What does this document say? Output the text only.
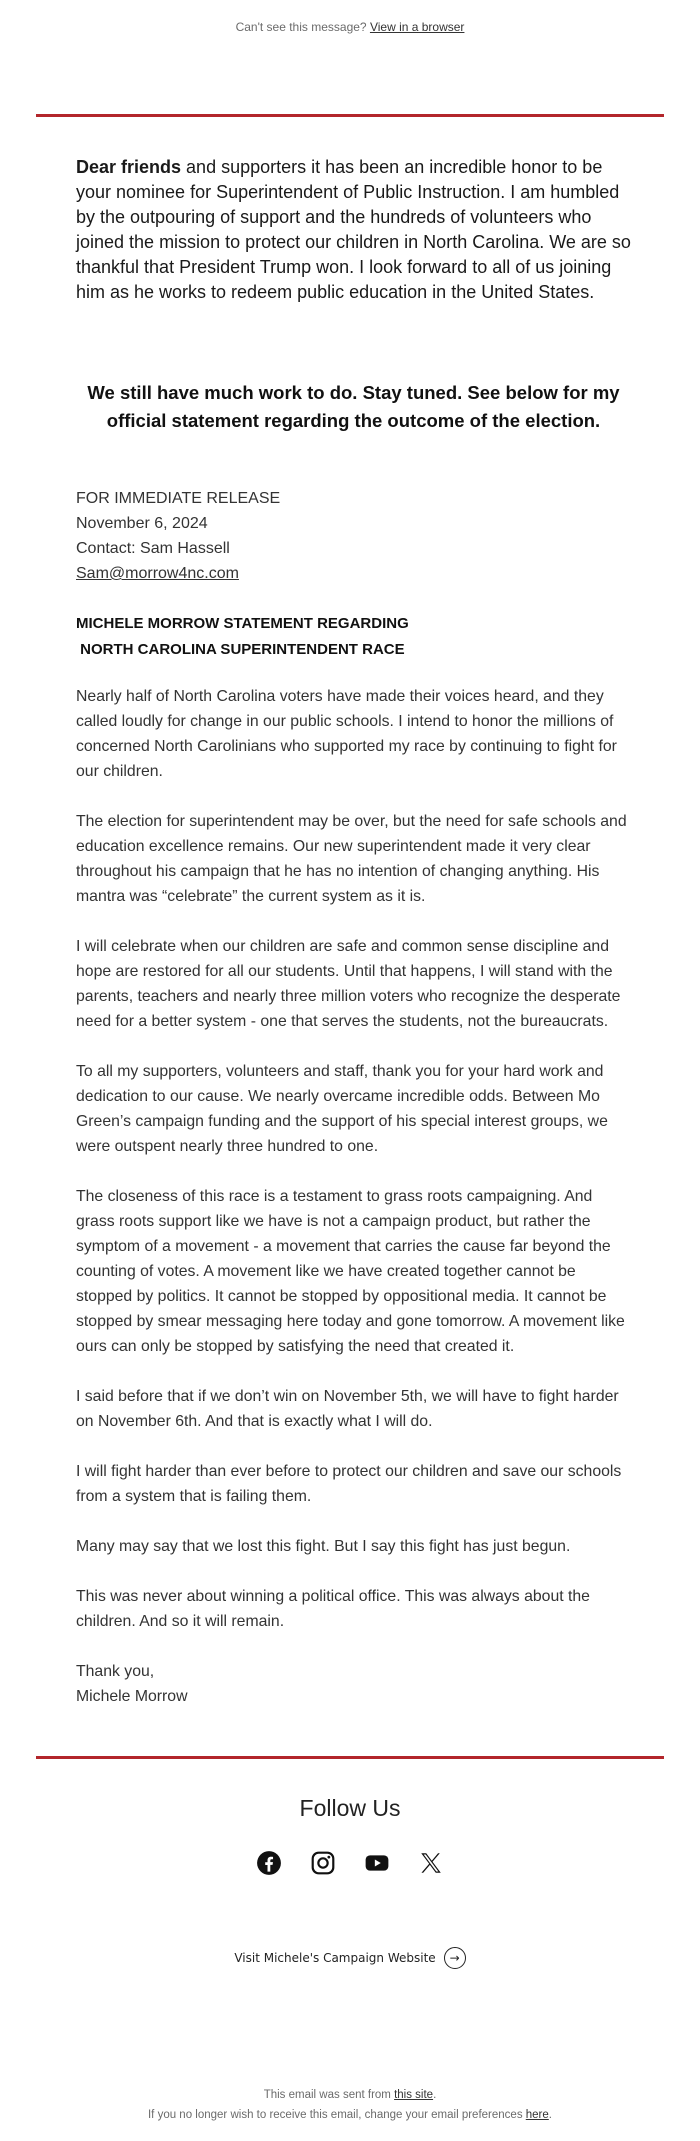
Can't see this message? View in a browser

Dear friends and supporters it has been an incredible honor to be your nominee for Superintendent of Public Instruction. I am humbled by the outpouring of support and the hundreds of volunteers who joined the mission to protect our children in North Carolina. We are so thankful that President Trump won. I look forward to all of us joining him as he works to redeem public education in the United States.

We still have much work to do. Stay tuned. See below for my official statement regarding the outcome of the election.

FOR IMMEDIATE RELEASE
November 6, 2024
Contact: Sam Hassell
Sam@morrow4nc.com
MICHELE MORROW STATEMENT REGARDING
NORTH CAROLINA SUPERINTENDENT RACE

Nearly half of North Carolina voters have made their voices heard, and they called loudly for change in our public schools. I intend to honor the millions of concerned North Carolinians who supported my race by continuing to fight for our children.

The election for superintendent may be over, but the need for safe schools and education excellence remains. Our new superintendent made it very clear throughout his campaign that he has no intention of changing anything. His mantra was “celebrate” the current system as it is.

I will celebrate when our children are safe and common sense discipline and hope are restored for all our students. Until that happens, I will stand with the parents, teachers and nearly three million voters who recognize the desperate need for a better system - one that serves the students, not the bureaucrats.

To all my supporters, volunteers and staff, thank you for your hard work and dedication to our cause. We nearly overcame incredible odds. Between Mo Green’s campaign funding and the support of his special interest groups, we were outspent nearly three hundred to one.

The closeness of this race is a testament to grass roots campaigning. And grass roots support like we have is not a campaign product, but rather the symptom of a movement - a movement that carries the cause far beyond the counting of votes. A movement like we have created together cannot be stopped by politics. It cannot be stopped by oppositional media. It cannot be stopped by smear messaging here today and gone tomorrow. A movement like ours can only be stopped by satisfying the need that created it.

I said before that if we don’t win on November 5th, we will have to fight harder on November 6th. And that is exactly what I will do.

I will fight harder than ever before to protect our children and save our schools from a system that is failing them.

Many may say that we lost this fight. But I say this fight has just begun.

This was never about winning a political office. This was always about the children. And so it will remain.

Thank you,
Michele Morrow
Follow Us
Visit Michele's Campaign Website	→
This email was sent from this site.
If you no longer wish to receive this email, change your email preferences here.
